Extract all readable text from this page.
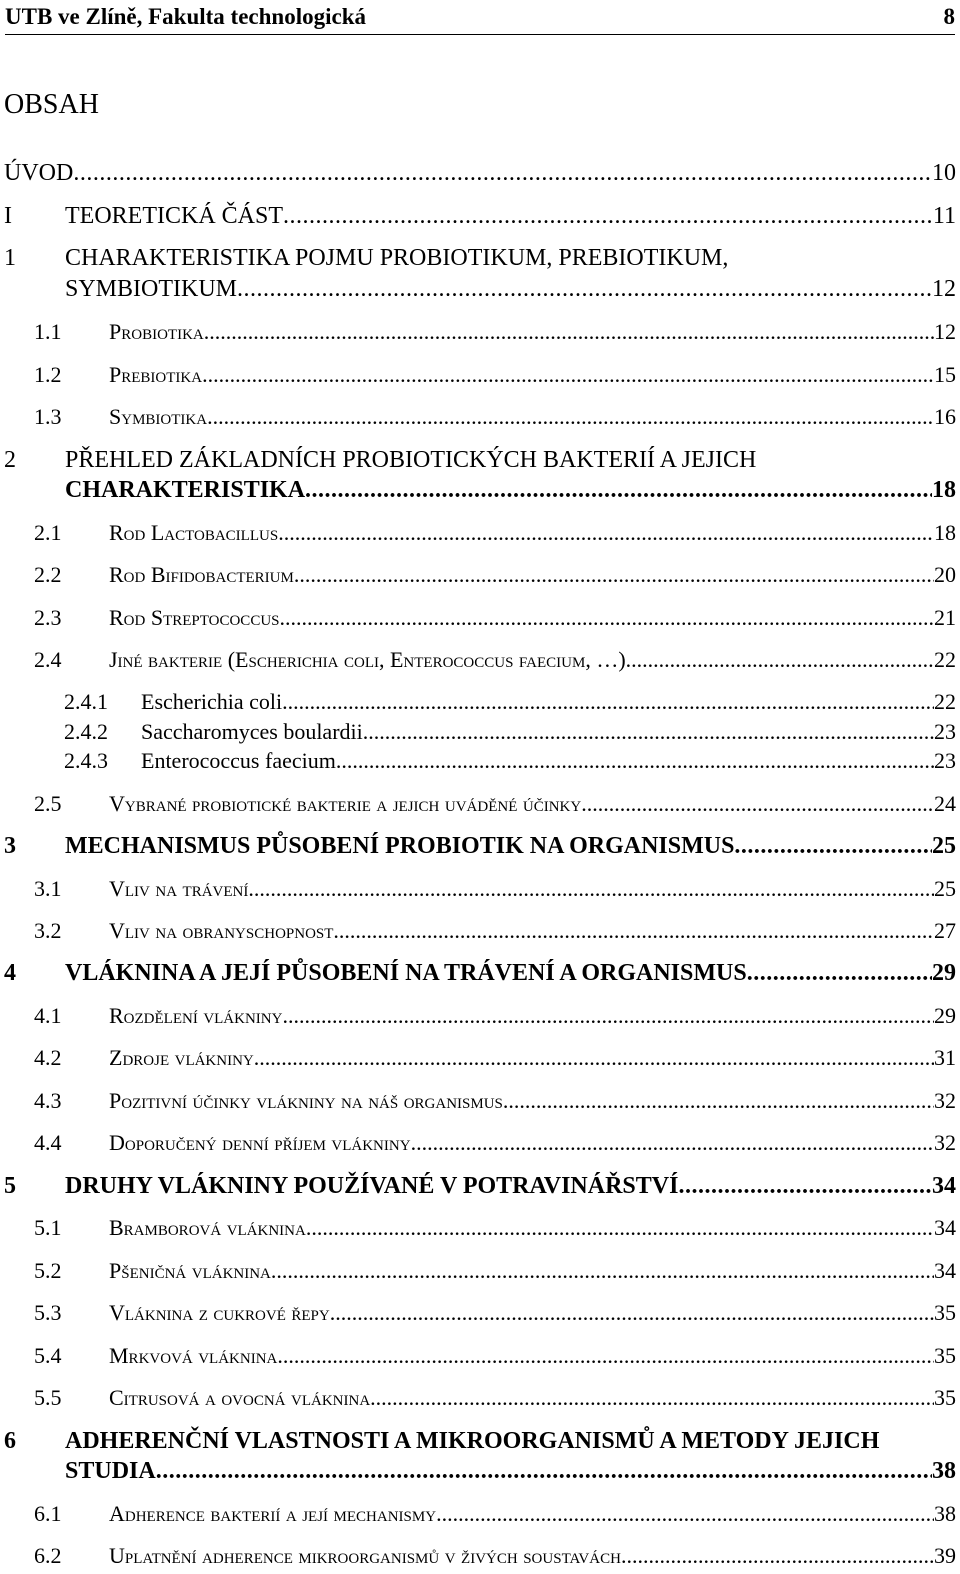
UTB ve Zlíně, Fakulta technologická	8
OBSAH
ÚVOD .....	10
I	TEORETICKÁ ČÁST .....	11
1	CHARAKTERISTIKA POJMU PROBIOTIKUM, PREBIOTIKUM,
SYMBIOTIKUM .....	12
1.1	Probiotika .....	12
1.2	Prebiotika .....	15
1.3	Symbiotika .....	16
2	PŘEHLED ZÁKLADNÍCH PROBIOTICKÝCH BAKTERIÍ A JEJICH
CHARAKTERISTIKA .....	18
2.1	Rod Lactobacillus .....	18
2.2	Rod Bifidobacterium .....	20
2.3	Rod Streptococcus .....	21
2.4	Jiné bakterie (Escherichia coli, Enterococcus faecium, …) .....	22
2.4.1	Escherichia coli .....	22
2.4.2	Saccharomyces boulardii .....	23
2.4.3	Enterococcus faecium .....	23
2.5	Vybrané probiotické bakterie a jejich uváděné účinky .....	24
3	MECHANISMUS PŮSOBENÍ PROBIOTIK NA ORGANISMUS .....	25
3.1	Vliv na trávení .....	25
3.2	Vliv na obranyschopnost .....	27
4	VLÁKNINA A JEJÍ PŮSOBENÍ NA TRÁVENÍ A ORGANISMUS .....	29
4.1	Rozdělení vlákniny .....	29
4.2	Zdroje vlákniny .....	31
4.3	Pozitivní účinky vlákniny na náš organismus .....	32
4.4	Doporučený denní příjem vlákniny .....	32
5	DRUHY VLÁKNINY POUŽÍVANÉ V POTRAVINÁŘSTVÍ .....	34
5.1	Bramborová vláknina .....	34
5.2	Pšeničná vláknina .....	34
5.3	Vláknina z cukrové řepy .....	35
5.4	Mrkvová vláknina .....	35
5.5	Citrusová a ovocná vláknina .....	35
6	ADHERENČNÍ VLASTNOSTI A MIKROORGANISMŮ A METODY JEJICH
STUDIA .....	38
6.1	Adherence bakterií a její mechanismy .....	38
6.2	Uplatnění adherence mikroorganismů v živých soustavách .....	39
